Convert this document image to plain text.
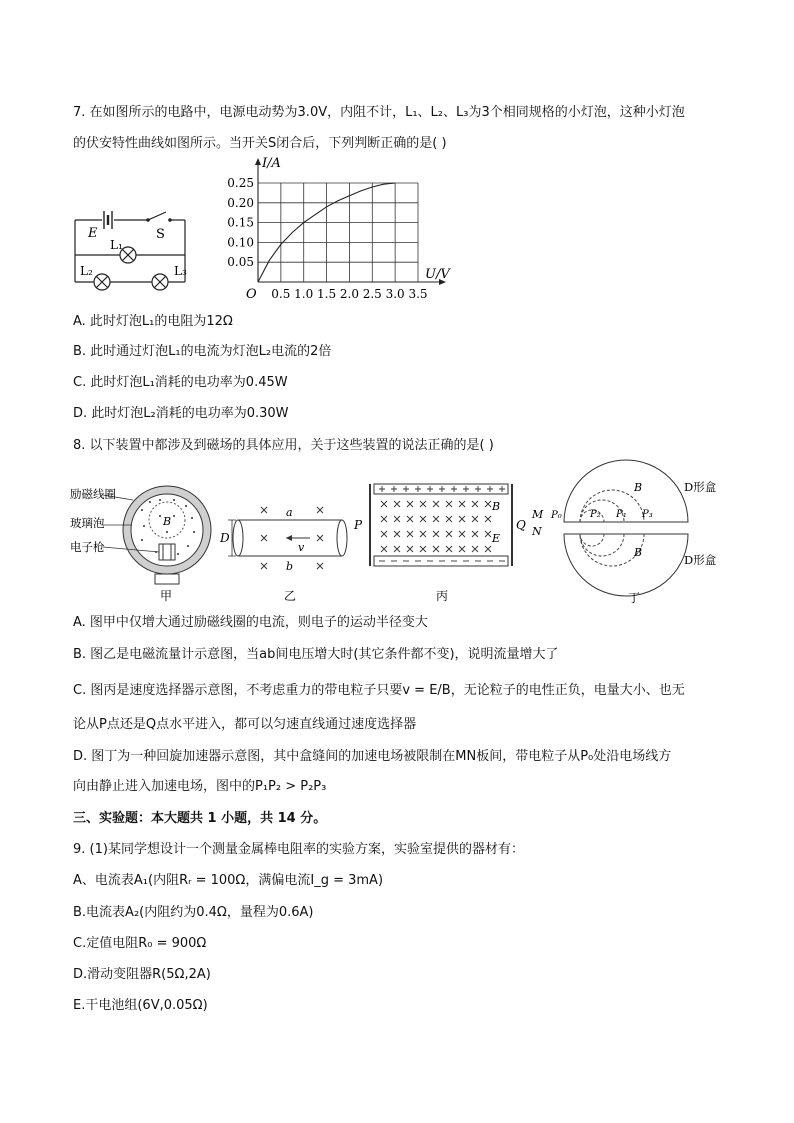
7. 在如图所示的电路中，电源电动势为3.0V，内阻不计，L₁、L₂、L₃为3个相同规格的小灯泡，这种小灯泡
的伏安特性曲线如图所示。当开关S闭合后，下列判断正确的是( )
E	S
L₁
L₂	L₃
I/A
U/V
O 0.5 1.0 1.5 2.0 2.5 3.0 3.5
0.25
0.20
0.15
0.10
0.05
A. 此时灯泡L₁的电阻为12Ω
B. 此时通过灯泡L₁的电流为灯泡L₂电流的2倍
C. 此时灯泡L₁消耗的电功率为0.45W
D. 此时灯泡L₂消耗的电功率为0.30W
8. 以下装置中都涉及到磁场的具体应用，关于这些装置的说法正确的是( )
励磁线圈
玻璃泡
电子枪
B
甲
D
a
b
v
乙
P	Q
B
E
丙
B
B
M
N
P₀	P₁
P₂	P₃
D形盒
D形盒
丁
A. 图甲中仅增大通过励磁线圈的电流，则电子的运动半径变大
B. 图乙是电磁流量计示意图，当ab间电压增大时(其它条件都不变)，说明流量增大了
C. 图丙是速度选择器示意图，不考虑重力的带电粒子只要v = E/B，无论粒子的电性正负，电量大小、也无
论从P点还是Q点水平进入，都可以匀速直线通过速度选择器
D. 图丁为一种回旋加速器示意图，其中盒缝间的加速电场被限制在MN板间，带电粒子从P₀处沿电场线方
向由静止进入加速电场，图中的P₁P₂ > P₂P₃
三、实验题：本大题共 1 小题，共 14 分。
9. (1)某同学想设计一个测量金属棒电阻率的实验方案，实验室提供的器材有：
A、电流表A₁(内阻Rᵣ = 100Ω，满偏电流I_g = 3mA)
B.电流表A₂(内阻约为0.4Ω，量程为0.6A)
C.定值电阻R₀ = 900Ω
D.滑动变阻器R(5Ω,2A)
E.干电池组(6V,0.05Ω)
